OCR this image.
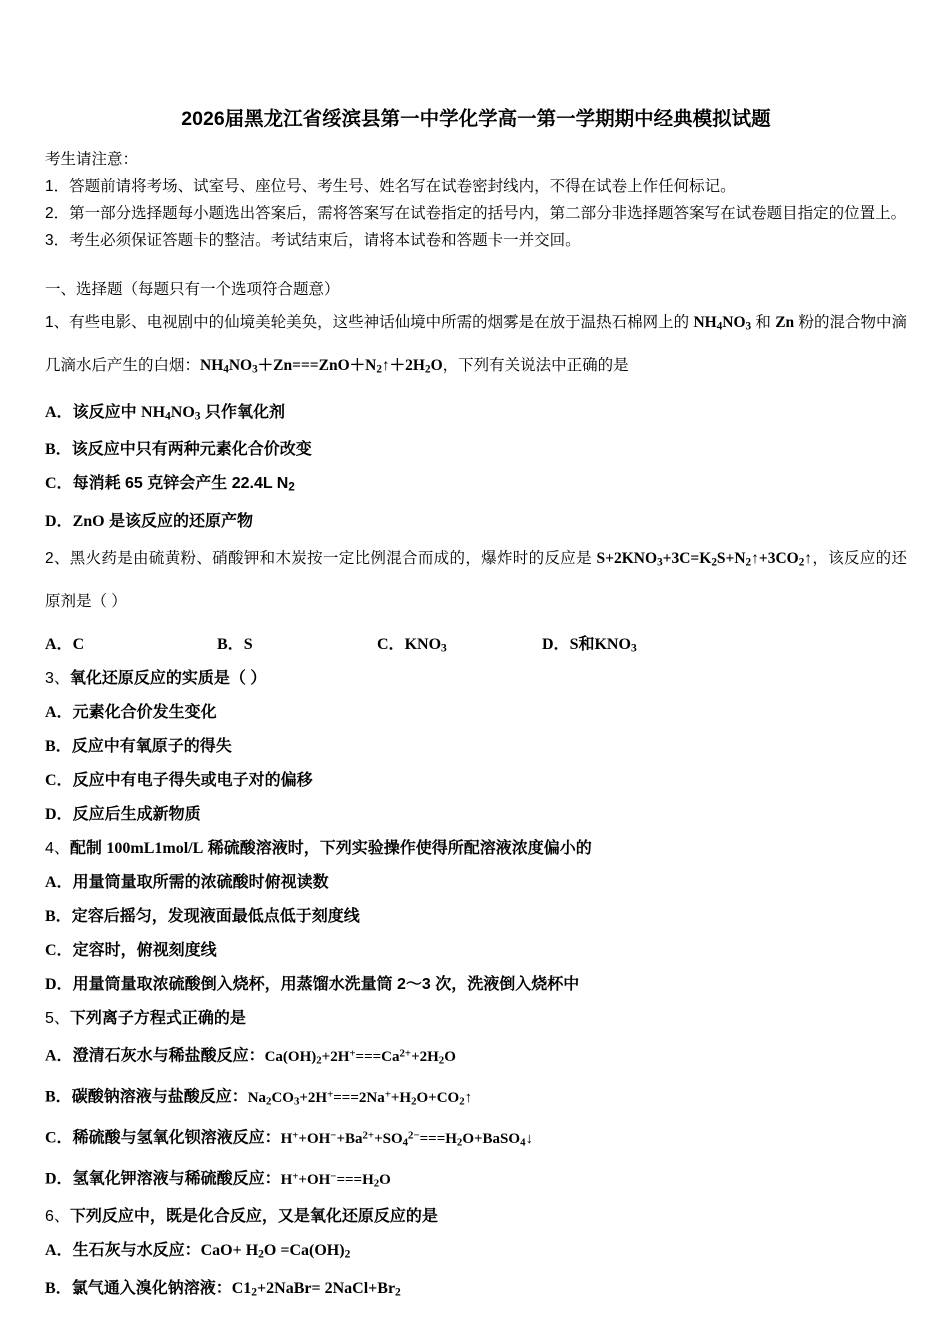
2026届黑龙江省绥滨县第一中学化学高一第一学期期中经典模拟试题

考生请注意：

1．答题前请将考场、试室号、座位号、考生号、姓名写在试卷密封线内，不得在试卷上作任何标记。

2．第一部分选择题每小题选出答案后，需将答案写在试卷指定的括号内，第二部分非选择题答案写在试卷题目指定的位置上。

3．考生必须保证答题卡的整洁。考试结束后，请将本试卷和答题卡一并交回。

一、选择题（每题只有一个选项符合题意）

1、有些电影、电视剧中的仙境美轮美奂，这些神话仙境中所需的烟雾是在放于温热石棉网上的 $NH_4NO_3$ 和 Zn 粉的混合物中滴几滴水后产生的白烟：$NH_4NO_3+Zn===ZnO+N_2↑+2H_2O$，下列有关说法中正确的是

A．该反应中 $NH_4NO_3$ 只作氧化剂

B．该反应中只有两种元素化合价改变

C．每消耗 65 克锌会产生 22.4L $N_2$

D．ZnO 是该反应的还原产物

2、黑火药是由硫黄粉、硝酸钾和木炭按一定比例混合而成的，爆炸时的反应是 $S+2KNO_3+3C=K_2S+N_2↑+3CO_2↑$，该反应的还原剂是（ ）

A．C	B．S	C．$KNO_3$	D．S和$KNO_3$

3、氧化还原反应的实质是（ ）

A．元素化合价发生变化

B．反应中有氧原子的得失

C．反应中有电子得失或电子对的偏移

D．反应后生成新物质

4、配制 100mL1mol/L 稀硫酸溶液时，下列实验操作使得所配溶液浓度偏小的

A．用量筒量取所需的浓硫酸时俯视读数

B．定容后摇匀，发现液面最低点低于刻度线

C．定容时，俯视刻度线

D．用量筒量取浓硫酸倒入烧杯，用蒸馏水洗量筒 2～3 次，洗液倒入烧杯中

5、下列离子方程式正确的是

A．澄清石灰水与稀盐酸反应：$Ca(OH)_2+2H^+===Ca^{2+}+2H_2O$

B．碳酸钠溶液与盐酸反应：$Na_2CO_3+2H^+===2Na^++H_2O+CO_2↑$

C．稀硫酸与氢氧化钡溶液反应：$H^++OH^-+Ba^{2+}+SO_4^{2-}===H_2O+BaSO_4↓$

D．氢氧化钾溶液与稀硫酸反应：$H^++OH^-===H_2O$

6、下列反应中，既是化合反应，又是氧化还原反应的是

A．生石灰与水反应：$CaO+ H_2O =Ca(OH)_2$

B．氯气通入溴化钠溶液：$C1_2+2NaBr=$ $2NaCl+Br_2$
